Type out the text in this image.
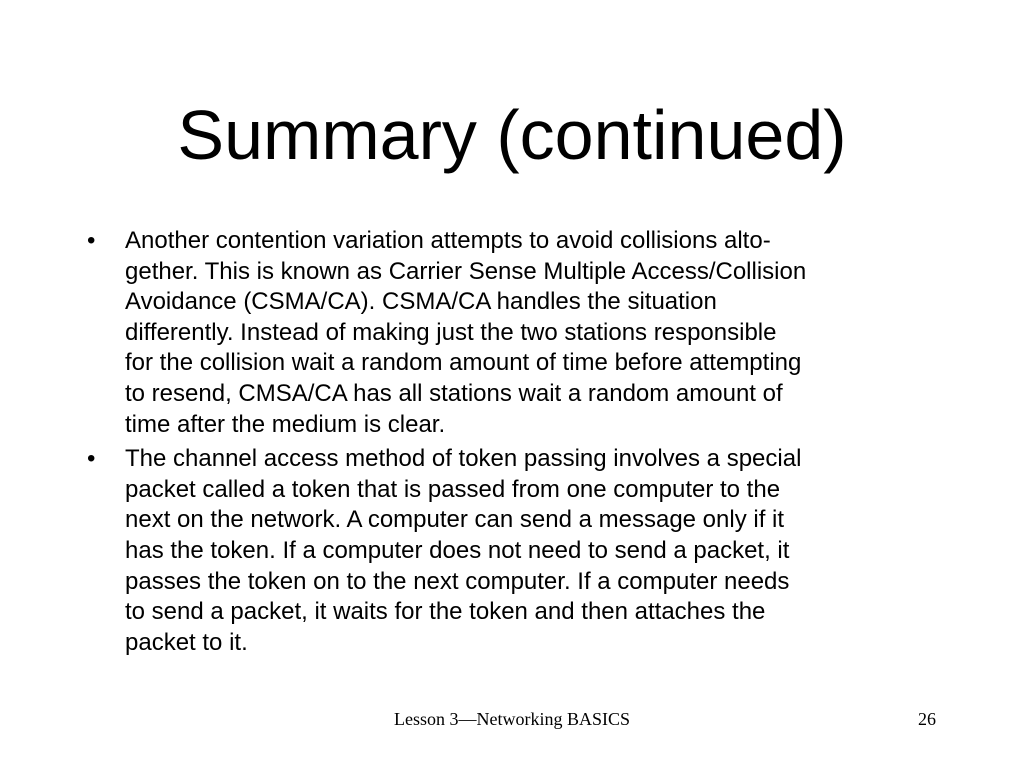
Summary (continued)
•	Another contention variation attempts to avoid collisions alto-
gether. This is known as Carrier Sense Multiple Access/Collision
Avoidance (CSMA/CA). CSMA/CA handles the situation
differently. Instead of making just the two stations responsible
for the collision wait a random amount of time before attempting
to resend, CMSA/CA has all stations wait a random amount of
time after the medium is clear.
•	The channel access method of token passing involves a special
packet called a token that is passed from one computer to the
next on the network. A computer can send a message only if it
has the token. If a computer does not need to send a packet, it
passes the token on to the next computer. If a computer needs
to send a packet, it waits for the token and then attaches the
packet to it.
Lesson 3—Networking BASICS	26
